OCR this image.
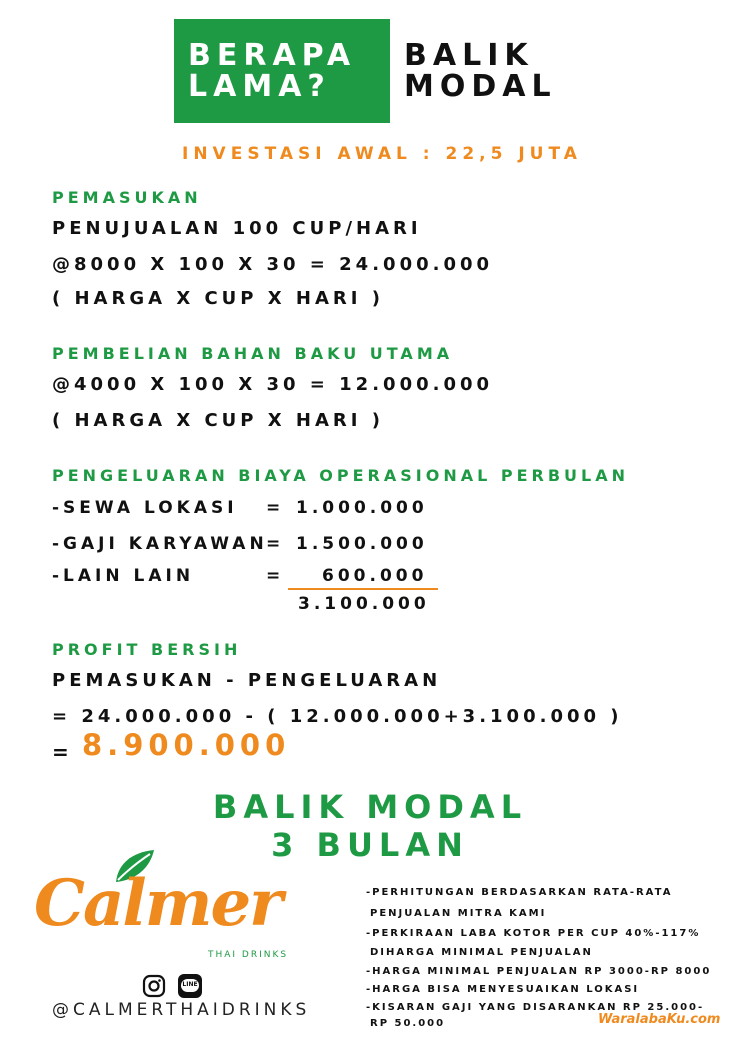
BERAPA
LAMA?
BALIK
MODAL
INVESTASI AWAL : 22,5 JUTA
PEMASUKAN
PENUJUALAN 100 CUP/HARI
@8000 X 100 X 30 = 24.000.000
( HARGA X CUP X HARI )
PEMBELIAN BAHAN BAKU UTAMA
@4000 X 100 X 30 = 12.000.000
( HARGA X CUP X HARI )
PENGELUARAN BIAYA OPERASIONAL PERBULAN
-SEWA LOKASI = 1.000.000
-GAJI KARYAWAN
= 1.500.000
-LAIN LAIN	= 600.000
3.100.000
PROFIT BERSIH
PEMASUKAN - PENGELUARAN
= 24.000.000 - ( 12.000.000+3.100.000 )
= 8.900.000
BALIK MODAL
3 BULAN
Calmer
THAI DRINKS
LINE
@CALMERTHAIDRINKS
-PERHITUNGAN BERDASARKAN RATA-RATA
PENJUALAN MITRA KAMI
-PERKIRAAN LABA KOTOR PER CUP 40%-117%
DIHARGA MINIMAL PENJUALAN
-HARGA MINIMAL PENJUALAN RP 3000-RP 8000
-HARGA BISA MENYESUAIKAN LOKASI
-KISARAN GAJI YANG DISARANKAN RP 25.000-
RP 50.000	WaralabaKu.com
